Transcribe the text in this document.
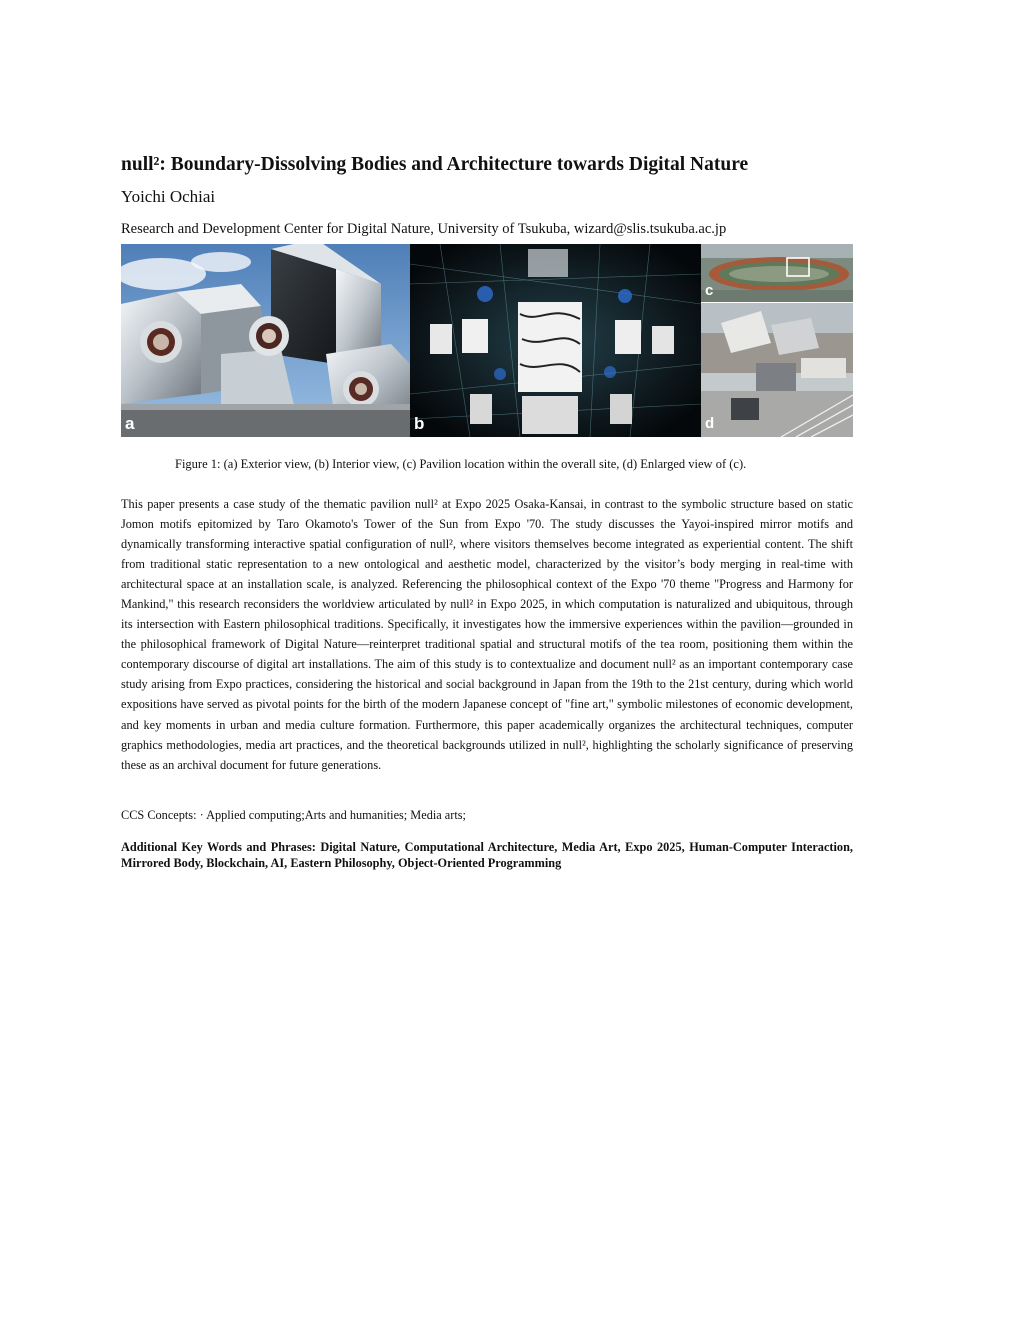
null²: Boundary-Dissolving Bodies and Architecture towards Digital Nature

Yoichi Ochiai

Research and Development Center for Digital Nature, University of Tsukuba, wizard@slis.tsukuba.ac.jp

a	b
c
d

Figure 1: (a) Exterior view, (b) Interior view, (c) Pavilion location within the overall site, (d) Enlarged view of (c).

This paper presents a case study of the thematic pavilion null² at Expo 2025 Osaka-Kansai, in contrast to the symbolic structure based on static Jomon motifs epitomized by Taro Okamoto's Tower of the Sun from Expo '70. The study discusses the Yayoi-inspired mirror motifs and dynamically transforming interactive spatial configuration of null², where visitors themselves become integrated as experiential content. The shift from traditional static representation to a new ontological and aesthetic model, characterized by the visitor’s body merging in real-time with architectural space at an installation scale, is analyzed. Referencing the philosophical context of the Expo '70 theme "Progress and Harmony for Mankind," this research reconsiders the worldview articulated by null² in Expo 2025, in which computation is naturalized and ubiquitous, through its intersection with Eastern philosophical traditions. Specifically, it investigates how the immersive experiences within the pavilion—grounded in the philosophical framework of Digital Nature—reinterpret traditional spatial and structural motifs of the tea room, positioning them within the contemporary discourse of digital art installations. The aim of this study is to contextualize and document null² as an important contemporary case study arising from Expo practices, considering the historical and social background in Japan from the 19th to the 21st century, during which world expositions have served as pivotal points for the birth of the modern Japanese concept of "fine art," symbolic milestones of economic development, and key moments in urban and media culture formation. Furthermore, this paper academically organizes the architectural techniques, computer graphics methodologies, media art practices, and the theoretical backgrounds utilized in null², highlighting the scholarly significance of preserving these as an archival document for future generations.

CCS Concepts: · Applied computing;Arts and humanities; Media arts;

Additional Key Words and Phrases: Digital Nature, Computational Architecture, Media Art, Expo 2025, Human-Computer Interaction, Mirrored Body, Blockchain, AI, Eastern Philosophy, Object-Oriented Programming
